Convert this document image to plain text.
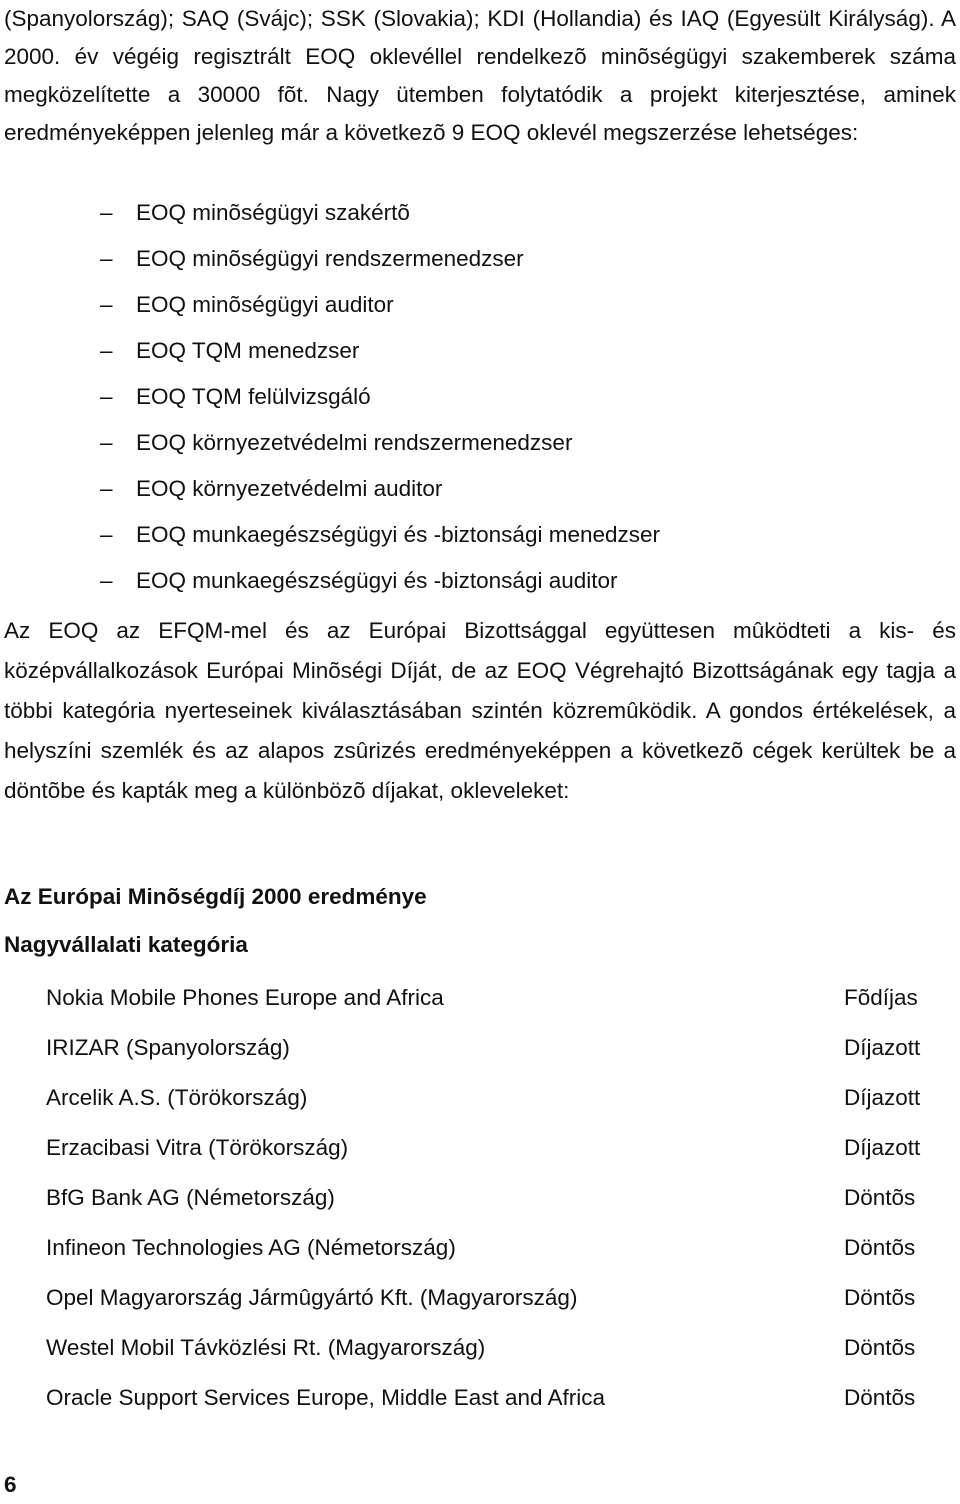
(Spanyolország); SAQ (Svájc); SSK (Slovakia); KDI (Hollandia) és IAQ (Egyesült Királyság). A 2000. év végéig regisztrált EOQ oklevéllel rendelkezõ minõségügyi szakemberek száma megközelítette a 30000 fõt. Nagy ütemben folytatódik a projekt kiterjesztése, aminek eredményeképpen jelenleg már a következõ 9 EOQ oklevél megszerzése lehetséges:

– EOQ minõségügyi szakértõ
– EOQ minõségügyi rendszermenedzser
– EOQ minõségügyi auditor
– EOQ TQM menedzser
– EOQ TQM felülvizsgáló
– EOQ környezetvédelmi rendszermenedzser
– EOQ környezetvédelmi auditor
– EOQ munkaegészségügyi és -biztonsági menedzser
– EOQ munkaegészségügyi és -biztonsági auditor

Az EOQ az EFQM-mel és az Európai Bizottsággal együttesen mûködteti a kis- és középvállalkozások Európai Minõségi Díját, de az EOQ Végrehajtó Bizottságának egy tagja a többi kategória nyerteseinek kiválasztásában szintén közremûködik. A gondos értékelések, a helyszíni szemlék és az alapos zsûrizés eredményeképpen a következõ cégek kerültek be a döntõbe és kapták meg a különbözõ díjakat, okleveleket:

Az Európai Minõségdíj 2000 eredménye
Nagyvállalati kategória
Nokia Mobile Phones Europe and Africa	Fõdíjas
IRIZAR (Spanyolország)	Díjazott
Arcelik A.S. (Törökország)	Díjazott
Erzacibasi Vitra (Törökország)	Díjazott
BfG Bank AG (Németország)	Döntõs
Infineon Technologies AG (Németország)	Döntõs
Opel Magyarország Jármûgyártó Kft. (Magyarország)	Döntõs
Westel Mobil Távközlési Rt. (Magyarország)	Döntõs
Oracle Support Services Europe, Middle East and Africa	Döntõs
6
